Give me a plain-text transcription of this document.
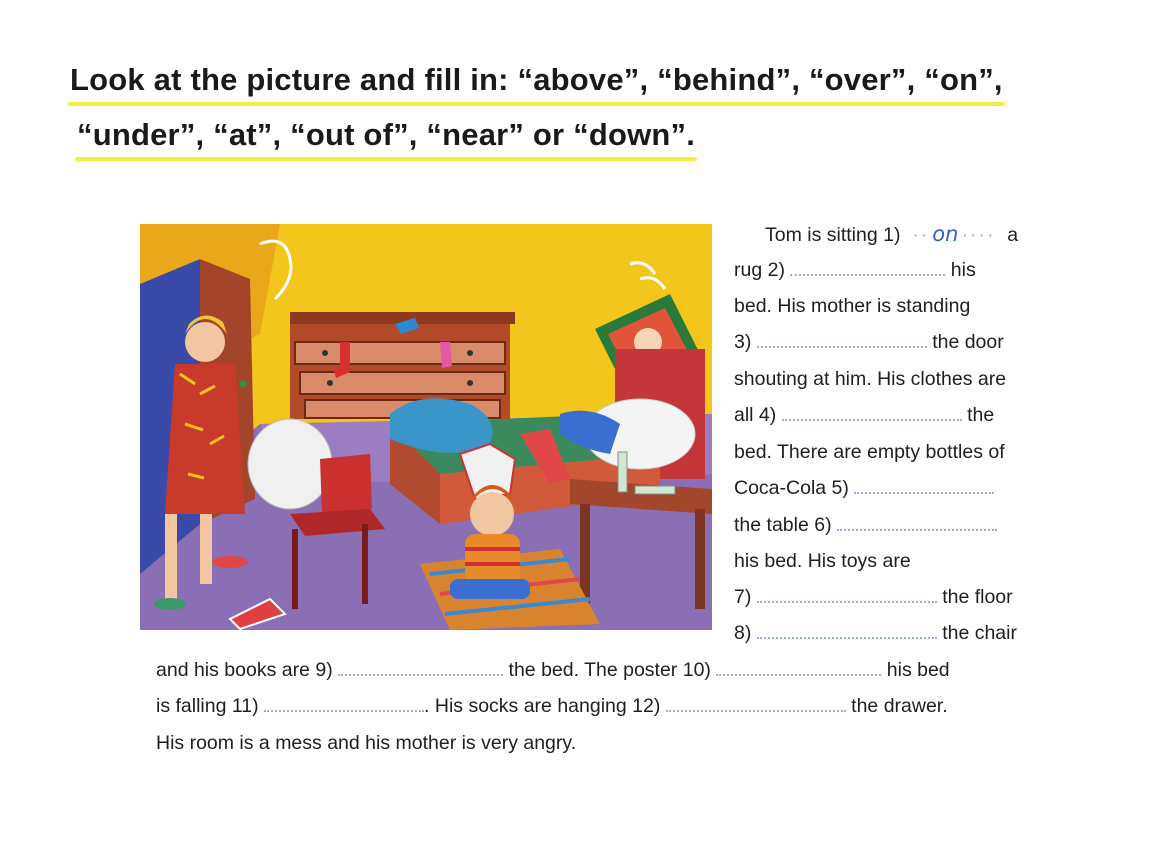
Look at the picture and fill in: “above”, “behind”, “over”, “on”,
“under”, “at”, “out of”, “near” or “down”.
Tom is sitting 1) ·· on ···· a
rug 2)	his
bed. His mother is standing
3)	the door
shouting at him. His clothes are
all 4)	the
bed. There are empty bottles of
Coca-Cola 5)
the table 6)
his bed. His toys are
7)	the floor
8)	the chair
and his books are 9)	the bed. The poster 10)	his bed
is falling 11)	. His socks are hanging 12)	the drawer.
His room is a mess and his mother is very angry.
